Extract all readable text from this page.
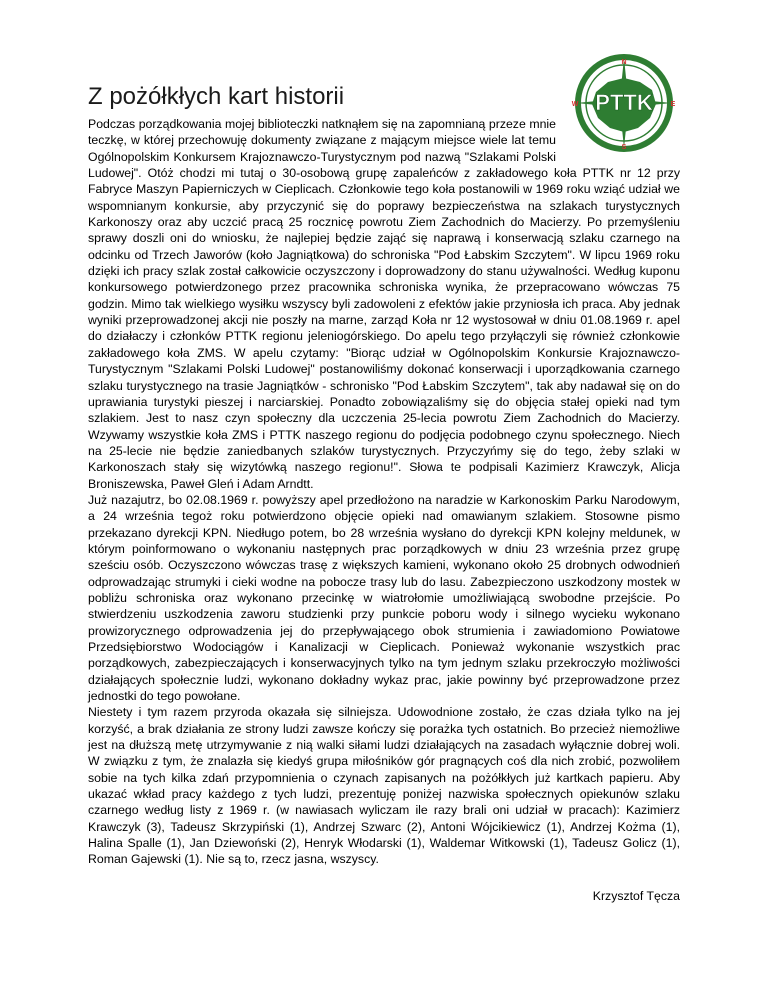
N
S
W	E
PTTK
Z pożółkłych kart historii

Podczas porządkowania mojej biblioteczki natknąłem się na zapomnianą przeze mnie teczkę, w której przechowuję dokumenty związane z mającym miejsce wiele lat temu Ogólnopolskim Konkursem Krajoznawczo-Turystycznym pod nazwą "Szlakami Polski Ludowej". Otóż chodzi mi tutaj o 30-osobową grupę zapaleńców z zakładowego koła PTTK nr 12 przy Fabryce Maszyn Papierniczych w Cieplicach. Członkowie tego koła postanowili w 1969 roku wziąć udział we wspomnianym konkursie, aby przyczynić się do poprawy bezpieczeństwa na szlakach turystycznych Karkonoszy oraz aby uczcić pracą 25 rocznicę powrotu Ziem Zachodnich do Macierzy. Po przemyśleniu sprawy doszli oni do wniosku, że najlepiej będzie zająć się naprawą i konserwacją szlaku czarnego na odcinku od Trzech Jaworów (koło Jagniątkowa) do schroniska "Pod Łabskim Szczytem". W lipcu 1969 roku dzięki ich pracy szlak został całkowicie oczyszczony i doprowadzony do stanu używalności. Według kuponu konkursowego potwierdzonego przez pracownika schroniska wynika, że przepracowano wówczas 75 godzin. Mimo tak wielkiego wysiłku wszyscy byli zadowoleni z efektów jakie przyniosła ich praca. Aby jednak wyniki przeprowadzonej akcji nie poszły na marne, zarząd Koła nr 12 wystosował w dniu 01.08.1969 r. apel do działaczy i członków PTTK regionu jeleniogórskiego. Do apelu tego przyłączyli się również członkowie zakładowego koła ZMS. W apelu czytamy: "Biorąc udział w Ogólnopolskim Konkursie Krajoznawczo-Turystycznym "Szlakami Polski Ludowej" postanowiliśmy dokonać konserwacji i uporządkowania czarnego szlaku turystycznego na trasie Jagniątków - schronisko "Pod Łabskim Szczytem", tak aby nadawał się on do uprawiania turystyki pieszej i narciarskiej. Ponadto zobowiązaliśmy się do objęcia stałej opieki nad tym szlakiem. Jest to nasz czyn społeczny dla uczczenia 25-lecia powrotu Ziem Zachodnich do Macierzy. Wzywamy wszystkie koła ZMS i PTTK naszego regionu do podjęcia podobnego czynu społecznego. Niech na 25-lecie nie będzie zaniedbanych szlaków turystycznych. Przyczyńmy się do tego, żeby szlaki w Karkonoszach stały się wizytówką naszego regionu!". Słowa te podpisali Kazimierz Krawczyk, Alicja Broniszewska, Paweł Gleń i Adam Arndtt.

Już nazajutrz, bo 02.08.1969 r. powyższy apel przedłożono na naradzie w Karkonoskim Parku Narodowym, a 24 września tegoż roku potwierdzono objęcie opieki nad omawianym szlakiem. Stosowne pismo przekazano dyrekcji KPN. Niedługo potem, bo 28 września wysłano do dyrekcji KPN kolejny meldunek, w którym poinformowano o wykonaniu następnych prac porządkowych w dniu 23 września przez grupę sześciu osób. Oczyszczono wówczas trasę z większych kamieni, wykonano około 25 drobnych odwodnień odprowadzając strumyki i cieki wodne na pobocze trasy lub do lasu. Zabezpieczono uszkodzony mostek w pobliżu schroniska oraz wykonano przecinkę w wiatrołomie umożliwiającą swobodne przejście. Po stwierdzeniu uszkodzenia zaworu studzienki przy punkcie poboru wody i silnego wycieku wykonano prowizorycznego odprowadzenia jej do przepływającego obok strumienia i zawiadomiono Powiatowe Przedsiębiorstwo Wodociągów i Kanalizacji w Cieplicach. Ponieważ wykonanie wszystkich prac porządkowych, zabezpieczających i konserwacyjnych tylko na tym jednym szlaku przekroczyło możliwości działających społecznie ludzi, wykonano dokładny wykaz prac, jakie powinny być przeprowadzone przez jednostki do tego powołane.

Niestety i tym razem przyroda okazała się silniejsza. Udowodnione zostało, że czas działa tylko na jej korzyść, a brak działania ze strony ludzi zawsze kończy się porażka tych ostatnich. Bo przecież niemożliwe jest na dłuższą metę utrzymywanie z nią walki siłami ludzi działających na zasadach wyłącznie dobrej woli. W związku z tym, że znalazła się kiedyś grupa miłośników gór pragnących coś dla nich zrobić, pozwoliłem sobie na tych kilka zdań przypomnienia o czynach zapisanych na pożółkłych już kartkach papieru. Aby ukazać wkład pracy każdego z tych ludzi, prezentuję poniżej nazwiska społecznych opiekunów szlaku czarnego według listy z 1969 r. (w nawiasach wyliczam ile razy brali oni udział w pracach): Kazimierz Krawczyk (3), Tadeusz Skrzypiński (1), Andrzej Szwarc (2), Antoni Wójcikiewicz (1), Andrzej Kożma (1), Halina Spalle (1), Jan Dziewoński (2), Henryk Włodarski (1), Waldemar Witkowski (1), Tadeusz Golicz (1), Roman Gajewski (1). Nie są to, rzecz jasna, wszyscy.

Krzysztof Tęcza
